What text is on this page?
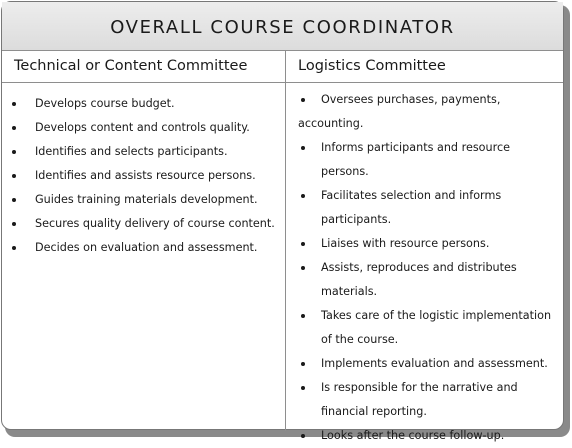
OVERALL COURSE COORDINATOR
Technical or Content Committee	Logistics Committee
Develops course budget.
Develops content and controls quality.
Identifies and selects participants.
Identifies and assists resource persons.
Guides training materials development.
Secures quality delivery of course content.
Decides on evaluation and assessment.
Oversees purchases, payments, accounting.
Informs participants and resource persons.
Facilitates selection and informs participants.
Liaises with resource persons.
Assists, reproduces and distributes materials.
Takes care of the logistic implementation of the course.
Implements evaluation and assessment.
Is responsible for the narrative and financial reporting.
Looks after the course follow-up.
